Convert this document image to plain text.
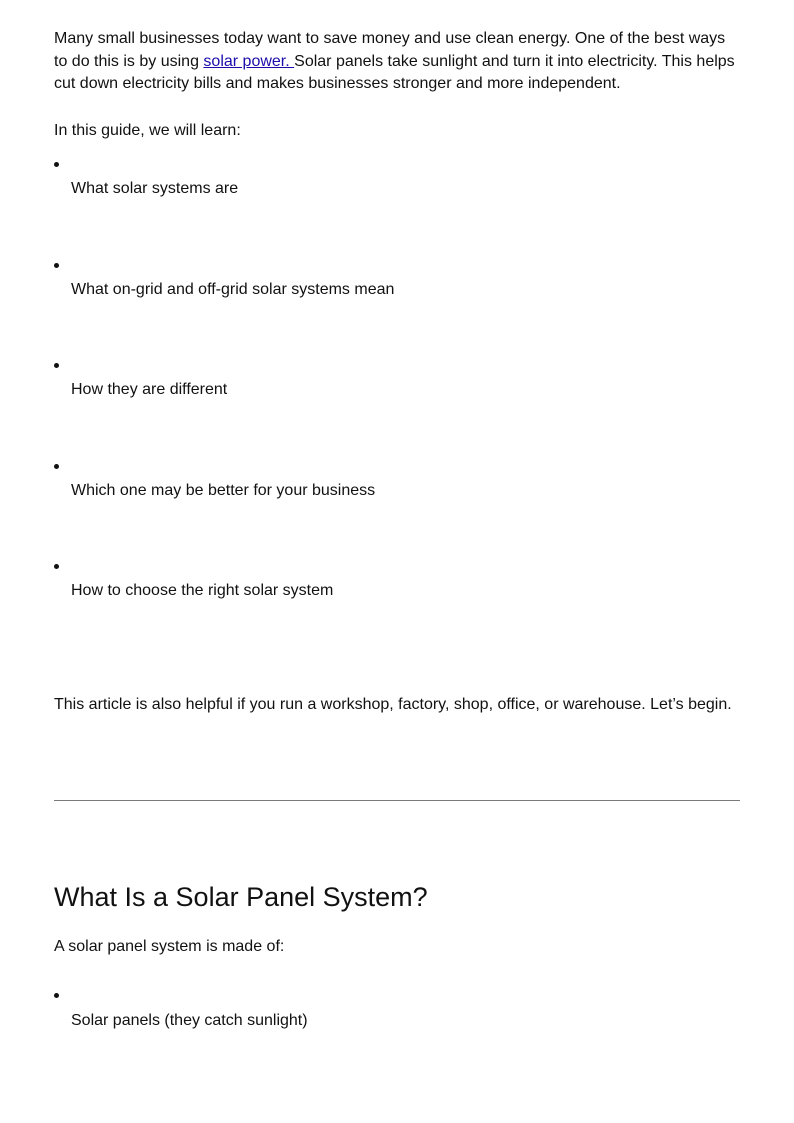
Many small businesses today want to save money and use clean energy. One of the best ways to do this is by using solar power. Solar panels take sunlight and turn it into electricity. This helps cut down electricity bills and makes businesses stronger and more independent.

In this guide, we will learn:

What solar systems are
What on-grid and off-grid solar systems mean
How they are different
Which one may be better for your business
How to choose the right solar system

This article is also helpful if you run a workshop, factory, shop, office, or warehouse. Let’s begin.

What Is a Solar Panel System?

A solar panel system is made of:

Solar panels (they catch sunlight)
